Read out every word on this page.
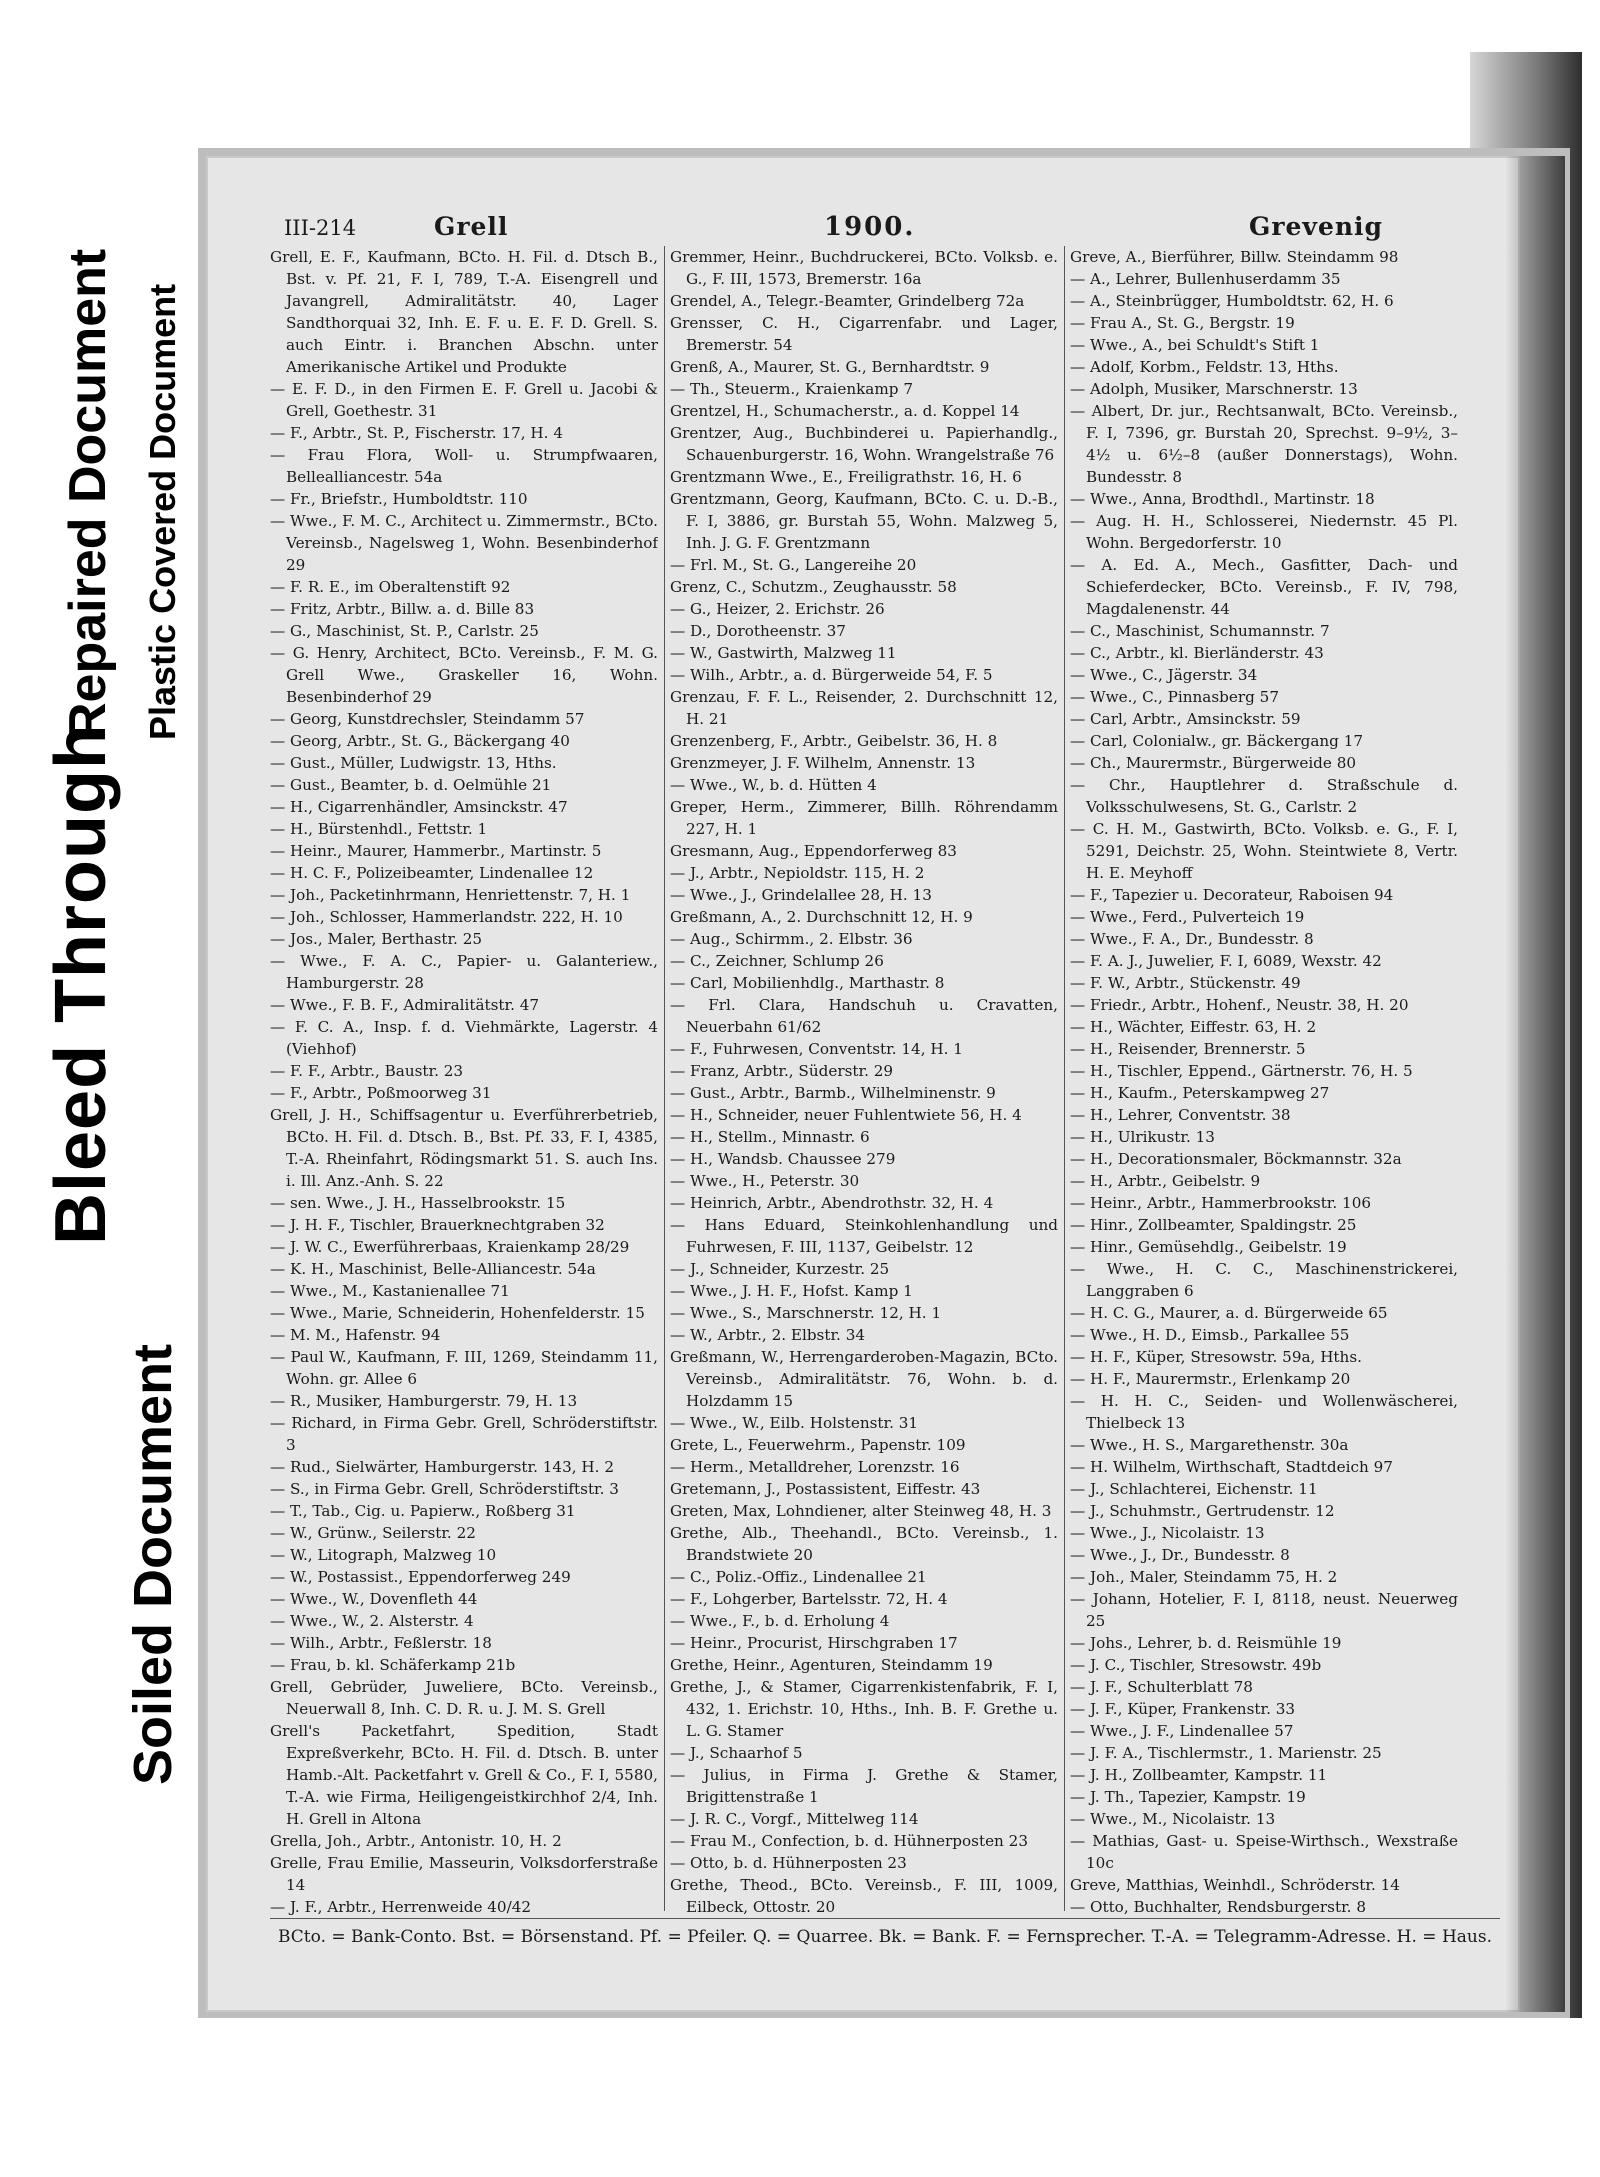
Bleed Through
Repaired Document Plastic Covered Document
Soiled Document
III-214	Grell	1900.	Grevenig

Grell, E. F., Kaufmann, BCto. H. Fil. d. Dtsch B., Bst. v. Pf. 21, F. I, 789, T.-A. Eisengrell und Javangrell, Admiralitätstr. 40, Lager Sandthorquai 32, Inh. E. F. u. E. F. D. Grell. S. auch Eintr. i. Branchen Abschn. unter Amerikanische Artikel und Produkte

— E. F. D., in den Firmen E. F. Grell u. Jacobi & Grell, Goethestr. 31

— F., Arbtr., St. P., Fischerstr. 17, H. 4

— Frau Flora, Woll- u. Strumpfwaaren, Bellealliancestr. 54a

— Fr., Briefstr., Humboldtstr. 110

— Wwe., F. M. C., Architect u. Zimmermstr., BCto. Vereinsb., Nagelsweg 1, Wohn. Besenbinderhof 29

— F. R. E., im Oberaltenstift 92

— Fritz, Arbtr., Billw. a. d. Bille 83

— G., Maschinist, St. P., Carlstr. 25

— G. Henry, Architect, BCto. Vereinsb., F. M. G. Grell Wwe., Graskeller 16, Wohn. Besenbinderhof 29

— Georg, Kunstdrechsler, Steindamm 57

— Georg, Arbtr., St. G., Bäckergang 40

— Gust., Müller, Ludwigstr. 13, Hths.

— Gust., Beamter, b. d. Oelmühle 21

— H., Cigarrenhändler, Amsinckstr. 47

— H., Bürstenhdl., Fettstr. 1

— Heinr., Maurer, Hammerbr., Martinstr. 5

— H. C. F., Polizeibeamter, Lindenallee 12

— Joh., Packetinhrmann, Henriettenstr. 7, H. 1

— Joh., Schlosser, Hammerlandstr. 222, H. 10

— Jos., Maler, Berthastr. 25

— Wwe., F. A. C., Papier- u. Galanteriew., Hamburgerstr. 28

— Wwe., F. B. F., Admiralitätstr. 47

— F. C. A., Insp. f. d. Viehmärkte, Lagerstr. 4 (Viehhof)

— F. F., Arbtr., Baustr. 23

— F., Arbtr., Poßmoorweg 31

Grell, J. H., Schiffsagentur u. Everführerbetrieb, BCto. H. Fil. d. Dtsch. B., Bst. Pf. 33, F. I, 4385, T.-A. Rheinfahrt, Rödingsmarkt 51. S. auch Ins. i. Ill. Anz.-Anh. S. 22

— sen. Wwe., J. H., Hasselbrookstr. 15

— J. H. F., Tischler, Brauerknechtgraben 32

— J. W. C., Ewerführerbaas, Kraienkamp 28/29

— K. H., Maschinist, Belle-Alliancestr. 54a

— Wwe., M., Kastanienallee 71

— Wwe., Marie, Schneiderin, Hohenfelderstr. 15

— M. M., Hafenstr. 94

— Paul W., Kaufmann, F. III, 1269, Steindamm 11, Wohn. gr. Allee 6

— R., Musiker, Hamburgerstr. 79, H. 13

— Richard, in Firma Gebr. Grell, Schröderstiftstr. 3

— Rud., Sielwärter, Hamburgerstr. 143, H. 2

— S., in Firma Gebr. Grell, Schröderstiftstr. 3

— T., Tab., Cig. u. Papierw., Roßberg 31

— W., Grünw., Seilerstr. 22

— W., Litograph, Malzweg 10

— W., Postassist., Eppendorferweg 249

— Wwe., W., Dovenfleth 44

— Wwe., W., 2. Alsterstr. 4

— Wilh., Arbtr., Feßlerstr. 18

— Frau, b. kl. Schäferkamp 21b

Grell, Gebrüder, Juweliere, BCto. Vereinsb., Neuerwall 8, Inh. C. D. R. u. J. M. S. Grell

Grell's Packetfahrt, Spedition, Stadt Expreßverkehr, BCto. H. Fil. d. Dtsch. B. unter Hamb.-Alt. Packetfahrt v. Grell & Co., F. I, 5580, T.-A. wie Firma, Heiligengeistkirchhof 2/4, Inh. H. Grell in Altona

Grella, Joh., Arbtr., Antonistr. 10, H. 2

Grelle, Frau Emilie, Masseurin, Volksdorferstraße 14

— J. F., Arbtr., Herrenweide 40/42

Gremmer, Heinr., Buchdruckerei, BCto. Volksb. e. G., F. III, 1573, Bremerstr. 16a

Grendel, A., Telegr.-Beamter, Grindelberg 72a

Grensser, C. H., Cigarrenfabr. und Lager, Bremerstr. 54

Grenß, A., Maurer, St. G., Bernhardtstr. 9

— Th., Steuerm., Kraienkamp 7

Grentzel, H., Schumacherstr., a. d. Koppel 14

Grentzer, Aug., Buchbinderei u. Papierhandlg., Schauenburgerstr. 16, Wohn. Wrangelstraße 76

Grentzmann Wwe., E., Freiligrathstr. 16, H. 6

Grentzmann, Georg, Kaufmann, BCto. C. u. D.-B., F. I, 3886, gr. Burstah 55, Wohn. Malzweg 5, Inh. J. G. F. Grentzmann

— Frl. M., St. G., Langereihe 20

Grenz, C., Schutzm., Zeughausstr. 58

— G., Heizer, 2. Erichstr. 26

— D., Dorotheenstr. 37

— W., Gastwirth, Malzweg 11

— Wilh., Arbtr., a. d. Bürgerweide 54, F. 5

Grenzau, F. F. L., Reisender, 2. Durchschnitt 12, H. 21

Grenzenberg, F., Arbtr., Geibelstr. 36, H. 8

Grenzmeyer, J. F. Wilhelm, Annenstr. 13

— Wwe., W., b. d. Hütten 4

Greper, Herm., Zimmerer, Billh. Röhrendamm 227, H. 1

Gresmann, Aug., Eppendorferweg 83

— J., Arbtr., Nepioldstr. 115, H. 2

— Wwe., J., Grindelallee 28, H. 13

Greßmann, A., 2. Durchschnitt 12, H. 9

— Aug., Schirmm., 2. Elbstr. 36

— C., Zeichner, Schlump 26

— Carl, Mobilienhdlg., Marthastr. 8

— Frl. Clara, Handschuh u. Cravatten, Neuerbahn 61/62

— F., Fuhrwesen, Conventstr. 14, H. 1

— Franz, Arbtr., Süderstr. 29

— Gust., Arbtr., Barmb., Wilhelminenstr. 9

— H., Schneider, neuer Fuhlentwiete 56, H. 4

— H., Stellm., Minnastr. 6

— H., Wandsb. Chaussee 279

— Wwe., H., Peterstr. 30

— Heinrich, Arbtr., Abendrothstr. 32, H. 4

— Hans Eduard, Steinkohlenhandlung und Fuhrwesen, F. III, 1137, Geibelstr. 12

— J., Schneider, Kurzestr. 25

— Wwe., J. H. F., Hofst. Kamp 1

— Wwe., S., Marschnerstr. 12, H. 1

— W., Arbtr., 2. Elbstr. 34

Greßmann, W., Herrengarderoben-Magazin, BCto. Vereinsb., Admiralitätstr. 76, Wohn. b. d. Holzdamm 15

— Wwe., W., Eilb. Holstenstr. 31

Grete, L., Feuerwehrm., Papenstr. 109

— Herm., Metalldreher, Lorenzstr. 16

Gretemann, J., Postassistent, Eiffestr. 43

Greten, Max, Lohndiener, alter Steinweg 48, H. 3

Grethe, Alb., Theehandl., BCto. Vereinsb., 1. Brandstwiete 20

— C., Poliz.-Offiz., Lindenallee 21

— F., Lohgerber, Bartelsstr. 72, H. 4

— Wwe., F., b. d. Erholung 4

— Heinr., Procurist, Hirschgraben 17

Grethe, Heinr., Agenturen, Steindamm 19

Grethe, J., & Stamer, Cigarrenkistenfabrik, F. I, 432, 1. Erichstr. 10, Hths., Inh. B. F. Grethe u. L. G. Stamer

— J., Schaarhof 5

— Julius, in Firma J. Grethe & Stamer, Brigittenstraße 1

— J. R. C., Vorgf., Mittelweg 114

— Frau M., Confection, b. d. Hühnerposten 23

— Otto, b. d. Hühnerposten 23

Grethe, Theod., BCto. Vereinsb., F. III, 1009, Eilbeck, Ottostr. 20

Greve, A., Bierführer, Billw. Steindamm 98

— A., Lehrer, Bullenhuserdamm 35

— A., Steinbrügger, Humboldtstr. 62, H. 6

— Frau A., St. G., Bergstr. 19

— Wwe., A., bei Schuldt's Stift 1

— Adolf, Korbm., Feldstr. 13, Hths.

— Adolph, Musiker, Marschnerstr. 13

— Albert, Dr. jur., Rechtsanwalt, BCto. Vereinsb., F. I, 7396, gr. Burstah 20, Sprechst. 9–9½, 3–4½ u. 6½–8 (außer Donnerstags), Wohn. Bundesstr. 8

— Wwe., Anna, Brodthdl., Martinstr. 18

— Aug. H. H., Schlosserei, Niedernstr. 45 Pl. Wohn. Bergedorferstr. 10

— A. Ed. A., Mech., Gasfitter, Dach- und Schieferdecker, BCto. Vereinsb., F. IV, 798, Magdalenenstr. 44

— C., Maschinist, Schumannstr. 7

— C., Arbtr., kl. Bierländerstr. 43

— Wwe., C., Jägerstr. 34

— Wwe., C., Pinnasberg 57

— Carl, Arbtr., Amsinckstr. 59

— Carl, Colonialw., gr. Bäckergang 17

— Ch., Maurermstr., Bürgerweide 80

— Chr., Hauptlehrer d. Straßschule d. Volksschulwesens, St. G., Carlstr. 2

— C. H. M., Gastwirth, BCto. Volksb. e. G., F. I, 5291, Deichstr. 25, Wohn. Steintwiete 8, Vertr. H. E. Meyhoff

— F., Tapezier u. Decorateur, Raboisen 94

— Wwe., Ferd., Pulverteich 19

— Wwe., F. A., Dr., Bundesstr. 8

— F. A. J., Juwelier, F. I, 6089, Wexstr. 42

— F. W., Arbtr., Stückenstr. 49

— Friedr., Arbtr., Hohenf., Neustr. 38, H. 20

— H., Wächter, Eiffestr. 63, H. 2

— H., Reisender, Brennerstr. 5

— H., Tischler, Eppend., Gärtnerstr. 76, H. 5

— H., Kaufm., Peterskampweg 27

— H., Lehrer, Conventstr. 38

— H., Ulrikustr. 13

— H., Decorationsmaler, Böckmannstr. 32a

— H., Arbtr., Geibelstr. 9

— Heinr., Arbtr., Hammerbrookstr. 106

— Hinr., Zollbeamter, Spaldingstr. 25

— Hinr., Gemüsehdlg., Geibelstr. 19

— Wwe., H. C. C., Maschinenstrickerei, Langgraben 6

— H. C. G., Maurer, a. d. Bürgerweide 65

— Wwe., H. D., Eimsb., Parkallee 55

— H. F., Küper, Stresowstr. 59a, Hths.

— H. F., Maurermstr., Erlenkamp 20

— H. H. C., Seiden- und Wollenwäscherei, Thielbeck 13

— Wwe., H. S., Margarethenstr. 30a

— H. Wilhelm, Wirthschaft, Stadtdeich 97

— J., Schlachterei, Eichenstr. 11

— J., Schuhmstr., Gertrudenstr. 12

— Wwe., J., Nicolaistr. 13

— Wwe., J., Dr., Bundesstr. 8

— Joh., Maler, Steindamm 75, H. 2

— Johann, Hotelier, F. I, 8118, neust. Neuerweg 25

— Johs., Lehrer, b. d. Reismühle 19

— J. C., Tischler, Stresowstr. 49b

— J. F., Schulterblatt 78

— J. F., Küper, Frankenstr. 33

— Wwe., J. F., Lindenallee 57

— J. F. A., Tischlermstr., 1. Marienstr. 25

— J. H., Zollbeamter, Kampstr. 11

— J. Th., Tapezier, Kampstr. 19

— Wwe., M., Nicolaistr. 13

— Mathias, Gast- u. Speise-Wirthsch., Wexstraße 10c

Greve, Matthias, Weinhdl., Schröderstr. 14

— Otto, Buchhalter, Rendsburgerstr. 8

BCto. = Bank-Conto. Bst. = Börsenstand. Pf. = Pfeiler. Q. = Quarree. Bk. = Bank. F. = Fernsprecher. T.-A. = Telegramm-Adresse. H. = Haus.
